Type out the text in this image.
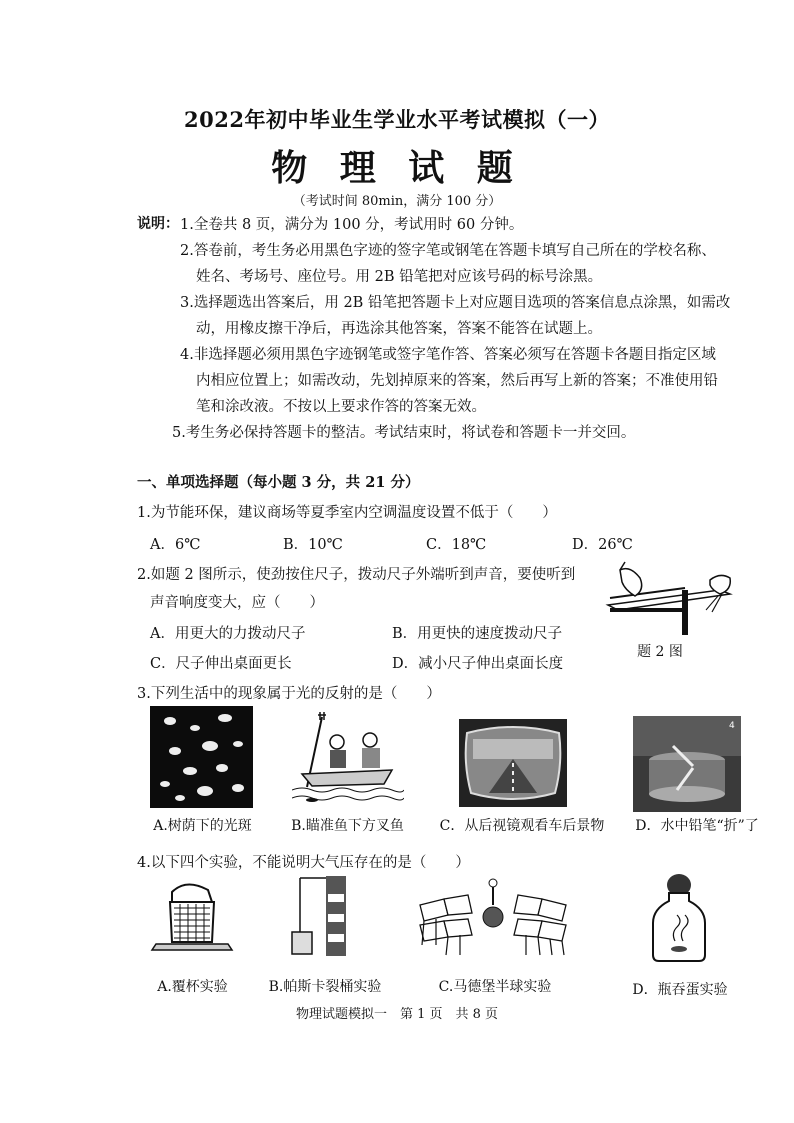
2022年初中毕业生学业水平考试模拟（一）
物 理 试 题
（考试时间 80min，满分 100 分）
说明： 1.全卷共 8 页，满分为 100 分，考试用时 60 分钟。
2.答卷前，考生务必用黑色字迹的签字笔或钢笔在答题卡填写自己所在的学校名称、
姓名、考场号、座位号。用 2B 铅笔把对应该号码的标号涂黑。
3.选择题选出答案后，用 2B 铅笔把答题卡上对应题目选项的答案信息点涂黑，如需改
动，用橡皮擦干净后，再选涂其他答案，答案不能答在试题上。
4.非选择题必须用黑色字迹钢笔或签字笔作答、答案必须写在答题卡各题目指定区域
内相应位置上；如需改动，先划掉原来的答案，然后再写上新的答案；不准使用铅
笔和涂改液。不按以上要求作答的答案无效。
5.考生务必保持答题卡的整洁。考试结束时，将试卷和答题卡一并交回。
一、单项选择题（每小题 3 分，共 21 分）
1.为节能环保，建议商场等夏季室内空调温度设置不低于（　　）
A．6℃	B．10℃	C．18℃	D．26℃
2.如题 2 图所示，使劲按住尺子，拨动尺子外端听到声音，要使听到
声音响度变大，应（　　）
A．用更大的力拨动尺子	B．用更快的速度拨动尺子
C．尺子伸出桌面更长	D．减小尺子伸出桌面长度
题 2 图
3.下列生活中的现象属于光的反射的是（　　）
4
A.树荫下的光斑	B.瞄准鱼下方叉鱼	C．从后视镜观看车后景物	D．水中铅笔“折”了
4.以下四个实验，不能说明大气压存在的是（　　）
A.覆杯实验	B.帕斯卡裂桶实验	C.马德堡半球实验	D．瓶吞蛋实验
物理试题模拟一　第 1 页　共 8 页
